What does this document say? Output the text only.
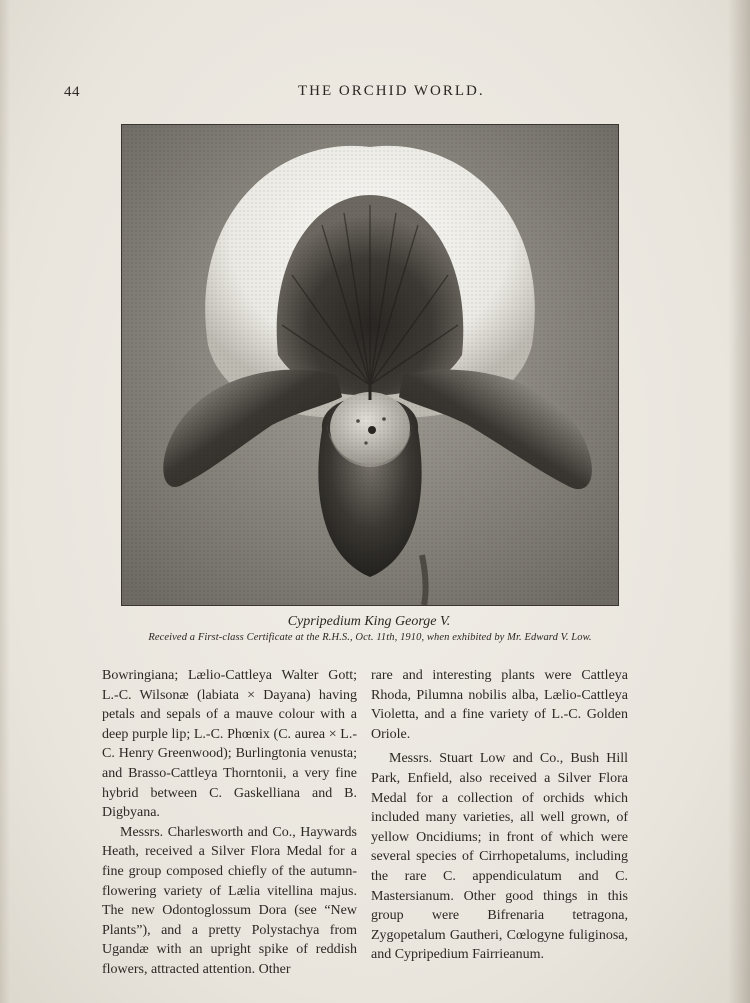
44	THE ORCHID WORLD.
Cypripedium King George V.
Received a First-class Certificate at the R.H.S., Oct. 11th, 1910, when exhibited by Mr. Edward V. Low.

Bowringiana; Lælio-Cattleya Walter Gott; L.-C. Wilsonæ (labiata × Dayana) having petals and sepals of a mauve colour with a deep purple lip; L.-C. Phœnix (C. aurea × L.-C. Henry Greenwood); Burlingtonia venusta; and Brasso-Cattleya Thorntonii, a very fine hybrid between C. Gaskelliana and B. Digbyana.

Messrs. Charlesworth and Co., Haywards Heath, received a Silver Flora Medal for a fine group composed chiefly of the autumn-flowering variety of Lælia vitellina majus. The new Odontoglossum Dora (see “New Plants”), and a pretty Polystachya from Ugandæ with an upright spike of reddish flowers, attracted attention. Other

rare and interesting plants were Cattleya Rhoda, Pilumna nobilis alba, Lælio-Cattleya Violetta, and a fine variety of L.-C. Golden Oriole.

Messrs. Stuart Low and Co., Bush Hill Park, Enfield, also received a Silver Flora Medal for a collection of orchids which included many varieties, all well grown, of yellow Oncidiums; in front of which were several species of Cirrhopetalums, including the rare C. appendiculatum and C. Mastersianum. Other good things in this group were Bifrenaria tetragona, Zygopetalum Gautheri, Cœlogyne fuliginosa, and Cypripedium Fairrieanum.
